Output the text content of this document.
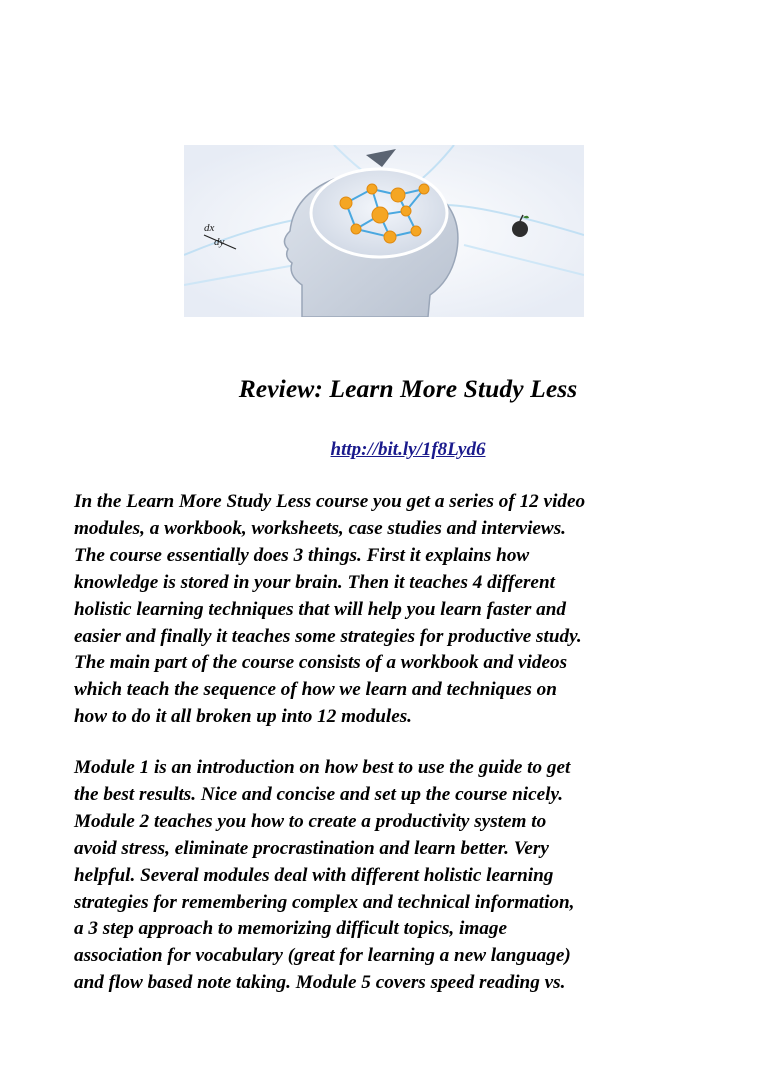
dx
dy
Review: Learn More Study Less
http://bit.ly/1f8Lyd6

In the Learn More Study Less course you get a series of 12 video
modules, a workbook, worksheets, case studies and interviews.
The course essentially does 3 things. First it explains how
knowledge is stored in your brain. Then it teaches 4 different
holistic learning techniques that will help you learn faster and
easier and finally it teaches some strategies for productive study.
The main part of the course consists of a workbook and videos
which teach the sequence of how we learn and techniques on
how to do it all broken up into 12 modules.

Module 1 is an introduction on how best to use the guide to get
the best results. Nice and concise and set up the course nicely.
Module 2 teaches you how to create a productivity system to
avoid stress, eliminate procrastination and learn better. Very
helpful. Several modules deal with different holistic learning
strategies for remembering complex and technical information,
a 3 step approach to memorizing difficult topics, image
association for vocabulary (great for learning a new language)
and flow based note taking. Module 5 covers speed reading vs.
